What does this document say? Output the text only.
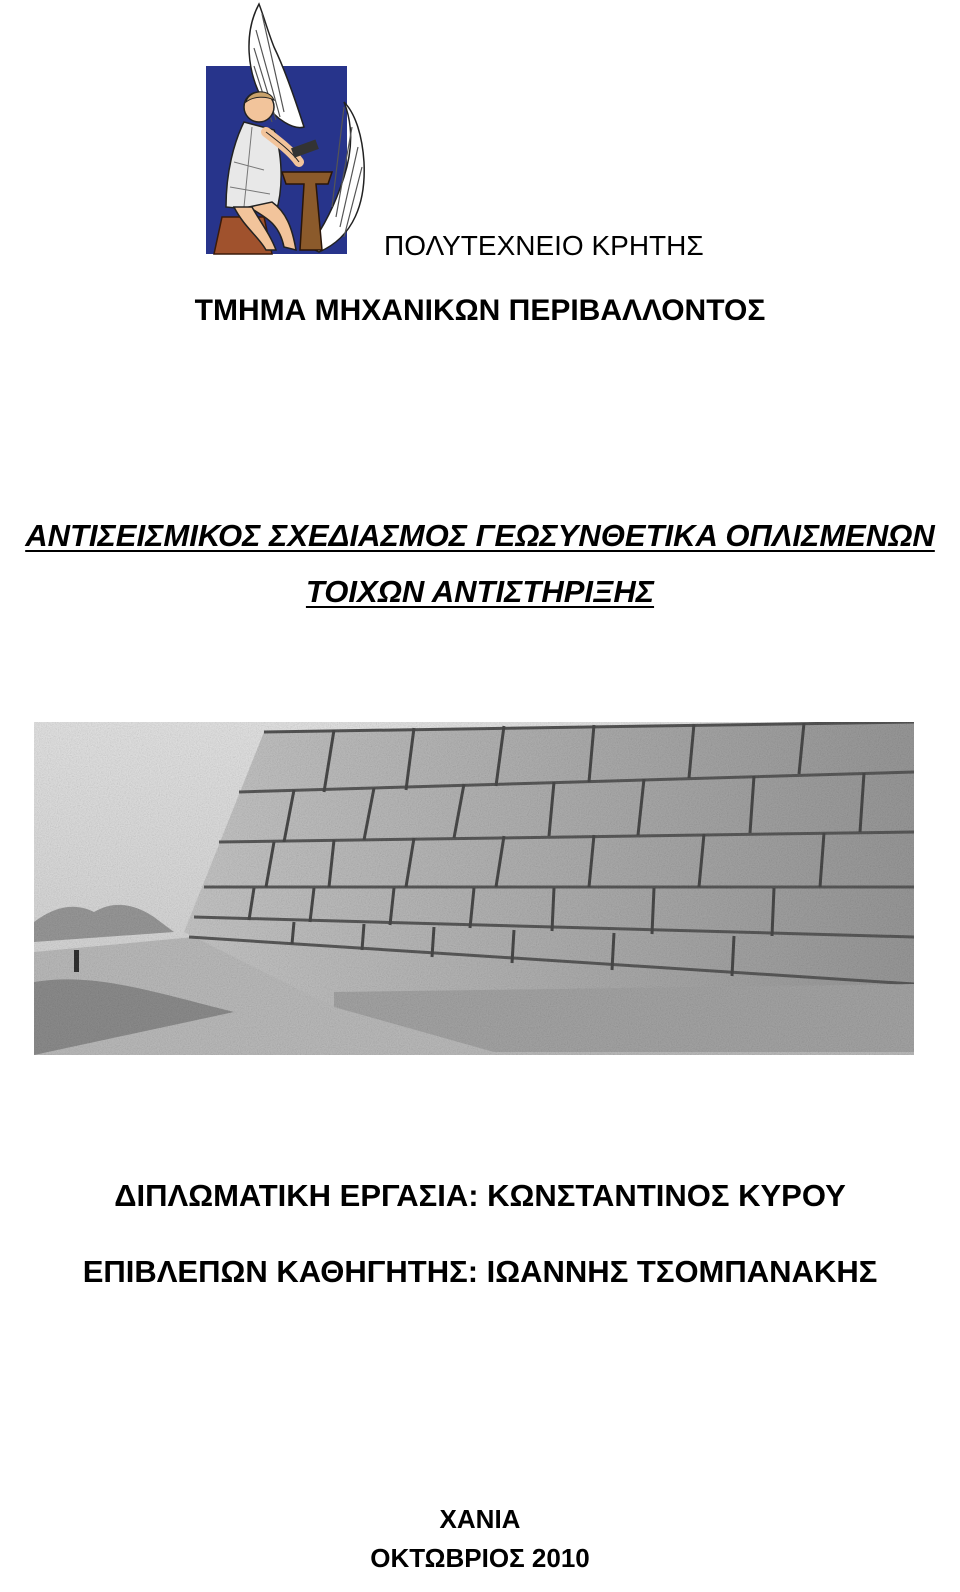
ΠΟΛΥΤΕΧΝΕΙΟ ΚΡΗΤΗΣ
ΤΜΗΜΑ ΜΗΧΑΝΙΚΩΝ ΠΕΡΙΒΑΛΛΟΝΤΟΣ
ΑΝΤΙΣΕΙΣΜΙΚΟΣ ΣΧΕΔΙΑΣΜΟΣ ΓΕΩΣΥΝΘΕΤΙΚΑ ΟΠΛΙΣΜΕΝΩΝ
ΤΟΙΧΩΝ ΑΝΤΙΣΤΗΡΙΞΗΣ
ΔΙΠΛΩΜΑΤΙΚΗ ΕΡΓΑΣΙΑ: ΚΩΝΣΤΑΝΤΙΝΟΣ ΚΥΡΟΥ
ΕΠΙΒΛΕΠΩΝ ΚΑΘΗΓΗΤΗΣ: ΙΩΑΝΝΗΣ ΤΣΟΜΠΑΝΑΚΗΣ
ΧΑΝΙΑ
ΟΚΤΩΒΡΙΟΣ 2010
